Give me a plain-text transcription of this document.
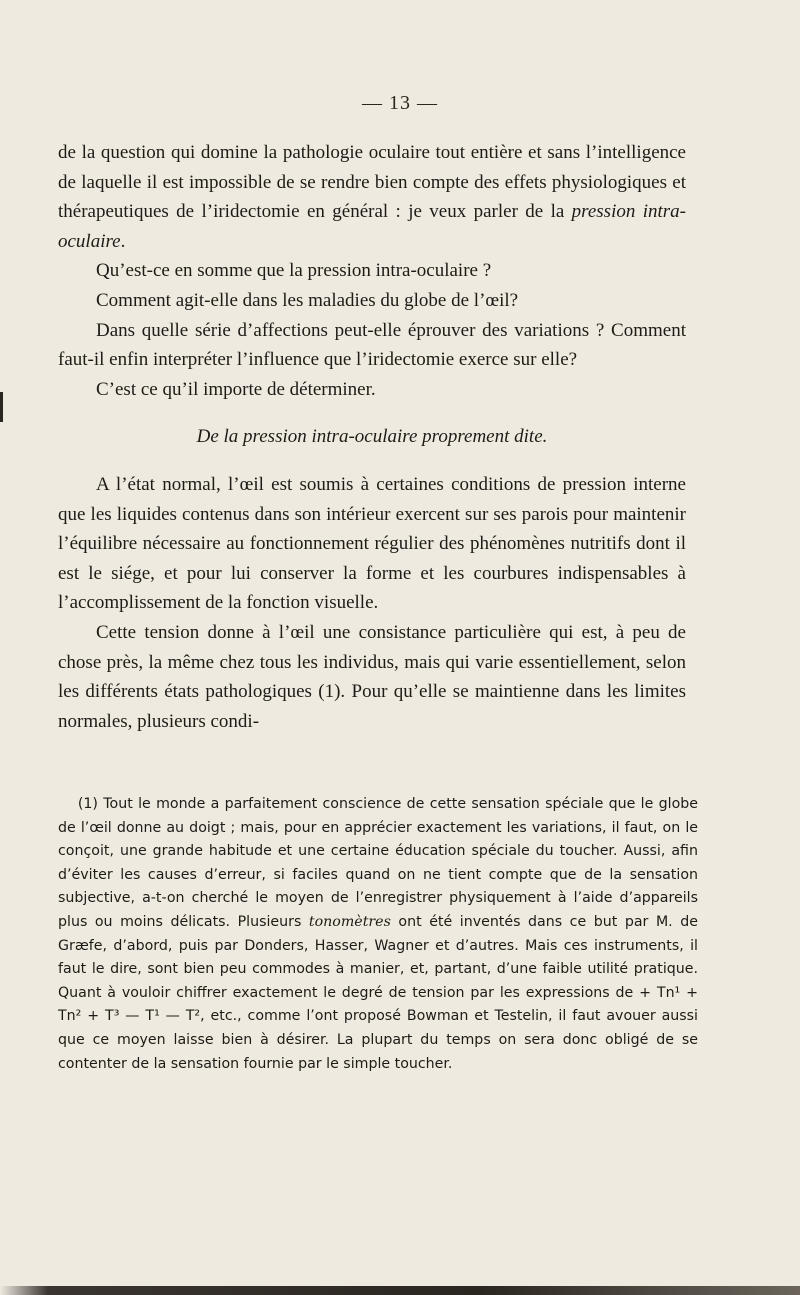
— 13 —

de la question qui domine la pathologie oculaire tout entière et sans l’intelligence de laquelle il est impossible de se rendre bien compte des effets physiologiques et thérapeutiques de l’iridectomie en général : je veux parler de la pression intra-oculaire.

Qu’est-ce en somme que la pression intra-oculaire ?

Comment agit-elle dans les maladies du globe de l’œil?

Dans quelle série d’affections peut-elle éprouver des variations ? Comment faut-il enfin interpréter l’influence que l’iridectomie exerce sur elle?

C’est ce qu’il importe de déterminer.

De la pression intra-oculaire proprement dite.

A l’état normal, l’œil est soumis à certaines conditions de pression interne que les liquides contenus dans son intérieur exercent sur ses parois pour maintenir l’équilibre nécessaire au fonctionnement régulier des phénomènes nutritifs dont il est le siége, et pour lui conserver la forme et les courbures indispensables à l’accomplissement de la fonction visuelle.

Cette tension donne à l’œil une consistance particulière qui est, à peu de chose près, la même chez tous les individus, mais qui varie essentiellement, selon les différents états pathologiques (1). Pour qu’elle se maintienne dans les limites normales, plusieurs condi-

(1) Tout le monde a parfaitement conscience de cette sensation spéciale que le globe de l’œil donne au doigt ; mais, pour en apprécier exactement les variations, il faut, on le conçoit, une grande habitude et une certaine éducation spéciale du toucher. Aussi, afin d’éviter les causes d’erreur, si faciles quand on ne tient compte que de la sensation subjective, a-t-on cherché le moyen de l’enregistrer physiquement à l’aide d’appareils plus ou moins délicats. Plusieurs tonomètres ont été inventés dans ce but par M. de Græfe, d’abord, puis par Donders, Hasser, Wagner et d’autres. Mais ces instruments, il faut le dire, sont bien peu commodes à manier, et, partant, d’une faible utilité pratique. Quant à vouloir chiffrer exactement le degré de tension par les expressions de + Tn¹ + Tn² + T³ — T¹ — T², etc., comme l’ont proposé Bowman et Testelin, il faut avouer aussi que ce moyen laisse bien à désirer. La plupart du temps on sera donc obligé de se contenter de la sensation fournie par le simple toucher.
